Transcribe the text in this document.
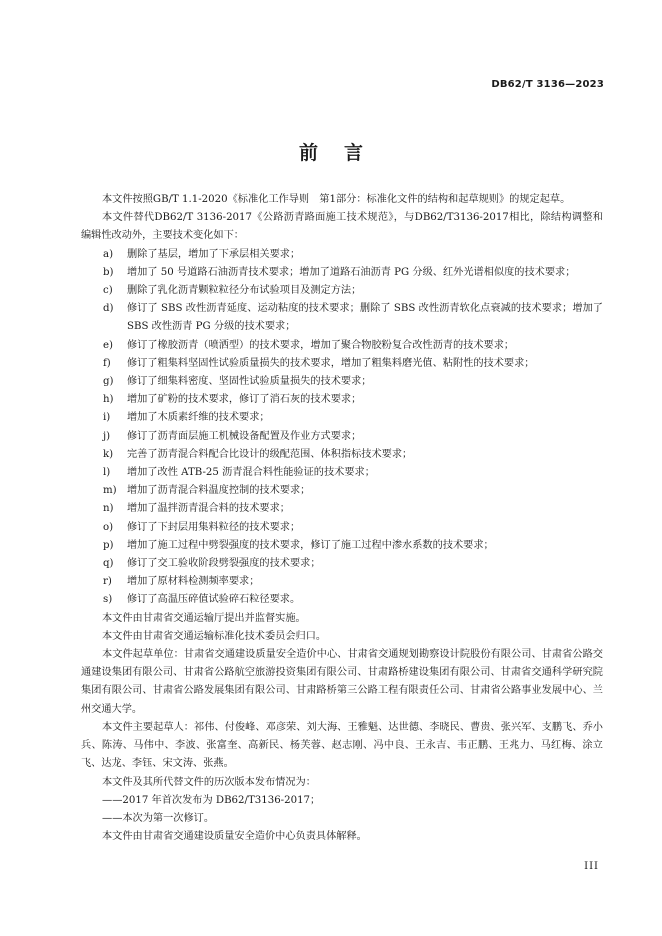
DB62/T 3136—2023
前言

本文件按照GB/T 1.1-2020《标准化工作导则　第1部分：标准化文件的结构和起草规则》的规定起草。

本文件替代DB62/T 3136-2017《公路沥青路面施工技术规范》，与DB62/T3136-2017相比，除结构调整和编辑性改动外，主要技术变化如下：

a) 删除了基层，增加了下承层相关要求；
b) 增加了 50 号道路石油沥青技术要求；增加了道路石油沥青 PG 分级、红外光谱相似度的技术要求；
c) 删除了乳化沥青颗粒粒径分布试验项目及测定方法；
d) 修订了 SBS 改性沥青延度、运动粘度的技术要求；删除了 SBS 改性沥青软化点衰减的技术要求；增加了 SBS 改性沥青 PG 分级的技术要求；
e) 修订了橡胶沥青（喷洒型）的技术要求，增加了聚合物胶粉复合改性沥青的技术要求；
f) 修订了粗集料坚固性试验质量损失的技术要求，增加了粗集料磨光值、粘附性的技术要求；
g) 修订了细集料密度、坚固性试验质量损失的技术要求；
h) 增加了矿粉的技术要求，修订了消石灰的技术要求；
i) 增加了木质素纤维的技术要求；
j) 修订了沥青面层施工机械设备配置及作业方式要求；
k) 完善了沥青混合料配合比设计的级配范围、体积指标技术要求；
l) 增加了改性 ATB-25 沥青混合料性能验证的技术要求；
m) 增加了沥青混合料温度控制的技术要求；
n) 增加了温拌沥青混合料的技术要求；
o) 修订了下封层用集料粒径的技术要求；
p) 增加了施工过程中劈裂强度的技术要求，修订了施工过程中渗水系数的技术要求；
q) 修订了交工验收阶段劈裂强度的技术要求；
r) 增加了原材料检测频率要求；
s) 修订了高温压碎值试验碎石粒径要求。

本文件由甘肃省交通运输厅提出并监督实施。

本文件由甘肃省交通运输标准化技术委员会归口。

本文件起草单位：甘肃省交通建设质量安全造价中心、甘肃省交通规划勘察设计院股份有限公司、甘肃省公路交通建设集团有限公司、甘肃省公路航空旅游投资集团有限公司、甘肃路桥建设集团有限公司、甘肃省交通科学研究院集团有限公司、甘肃省公路发展集团有限公司、甘肃路桥第三公路工程有限责任公司、甘肃省公路事业发展中心、兰州交通大学。

本文件主要起草人：祁伟、付俊峰、邓彦荣、刘大海、王雅魁、达世德、李晓民、曹贵、张兴军、支鹏飞、乔小兵、陈涛、马伟中、李波、张富奎、高新民、杨芙蓉、赵志刚、冯中良、王永吉、韦正鹏、王兆力、马红梅、涂立飞、达龙、李钰、宋文涛、张燕。

本文件及其所代替文件的历次版本发布情况为：

——2017 年首次发布为 DB62/T3136-2017；

——本次为第一次修订。

本文件由甘肃省交通建设质量安全造价中心负责具体解释。

III
